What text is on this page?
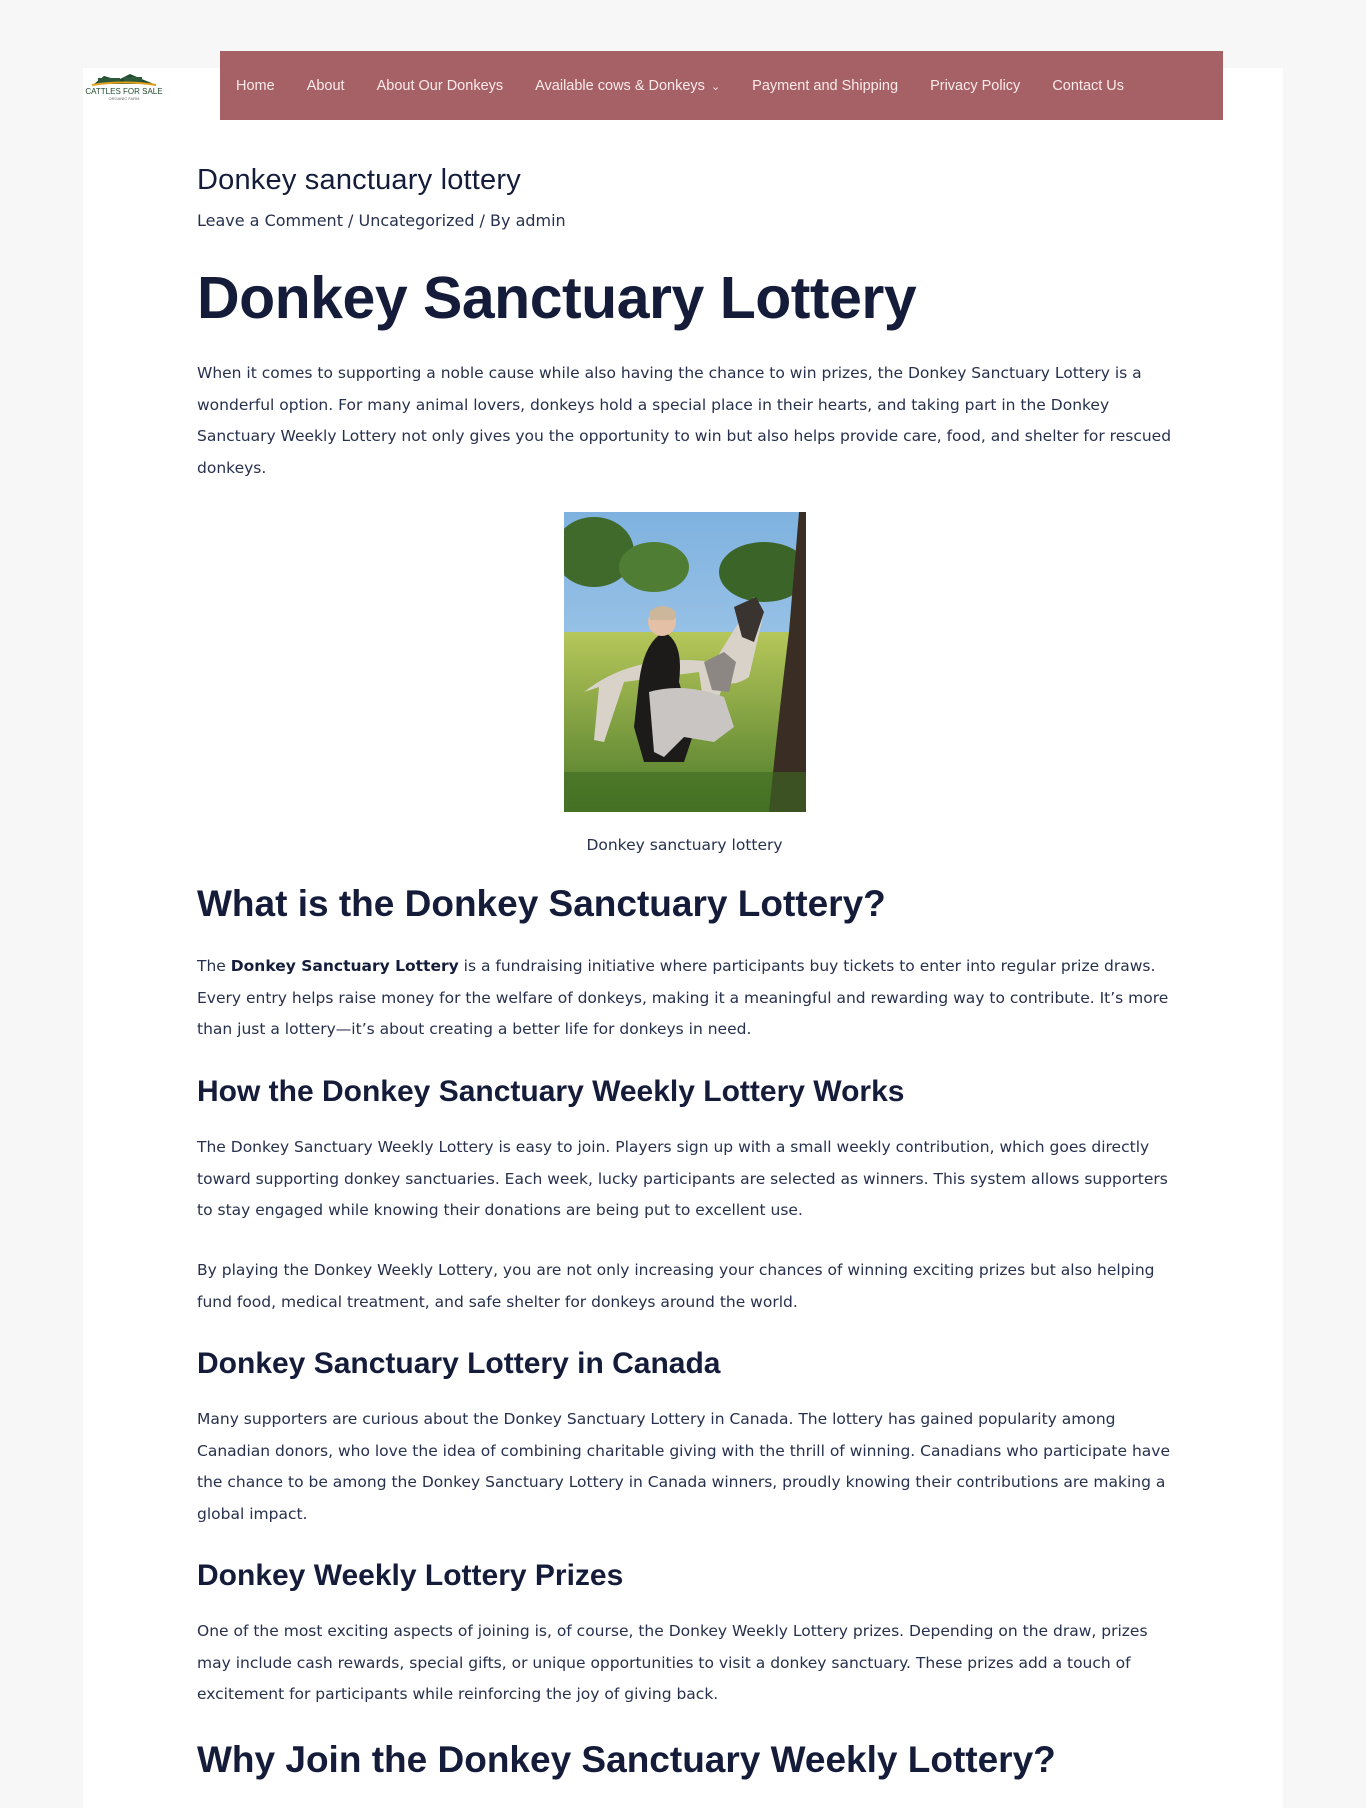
CATTLES FOR SALE
ORGANIC FARM
Home About About Our Donkeys Available cows & Donkeys ⌄ Payment and Shipping Privacy Policy Contact Us
Donkey sanctuary lottery
Leave a Comment / Uncategorized / By admin
Donkey Sanctuary Lottery

When it comes to supporting a noble cause while also having the chance to win prizes, the Donkey Sanctuary Lottery is a wonderful option. For many animal lovers, donkeys hold a special place in their hearts, and taking part in the Donkey Sanctuary Weekly Lottery not only gives you the opportunity to win but also helps provide care, food, and shelter for rescued donkeys.

Donkey sanctuary lottery
What is the Donkey Sanctuary Lottery?

The Donkey Sanctuary Lottery is a fundraising initiative where participants buy tickets to enter into regular prize draws. Every entry helps raise money for the welfare of donkeys, making it a meaningful and rewarding way to contribute. It’s more than just a lottery—it’s about creating a better life for donkeys in need.

How the Donkey Sanctuary Weekly Lottery Works

The Donkey Sanctuary Weekly Lottery is easy to join. Players sign up with a small weekly contribution, which goes directly toward supporting donkey sanctuaries. Each week, lucky participants are selected as winners. This system allows supporters to stay engaged while knowing their donations are being put to excellent use.

By playing the Donkey Weekly Lottery, you are not only increasing your chances of winning exciting prizes but also helping fund food, medical treatment, and safe shelter for donkeys around the world.

Donkey Sanctuary Lottery in Canada

Many supporters are curious about the Donkey Sanctuary Lottery in Canada. The lottery has gained popularity among Canadian donors, who love the idea of combining charitable giving with the thrill of winning. Canadians who participate have the chance to be among the Donkey Sanctuary Lottery in Canada winners, proudly knowing their contributions are making a global impact.

Donkey Weekly Lottery Prizes

One of the most exciting aspects of joining is, of course, the Donkey Weekly Lottery prizes. Depending on the draw, prizes may include cash rewards, special gifts, or unique opportunities to visit a donkey sanctuary. These prizes add a touch of excitement for participants while reinforcing the joy of giving back.

Why Join the Donkey Sanctuary Weekly Lottery?
